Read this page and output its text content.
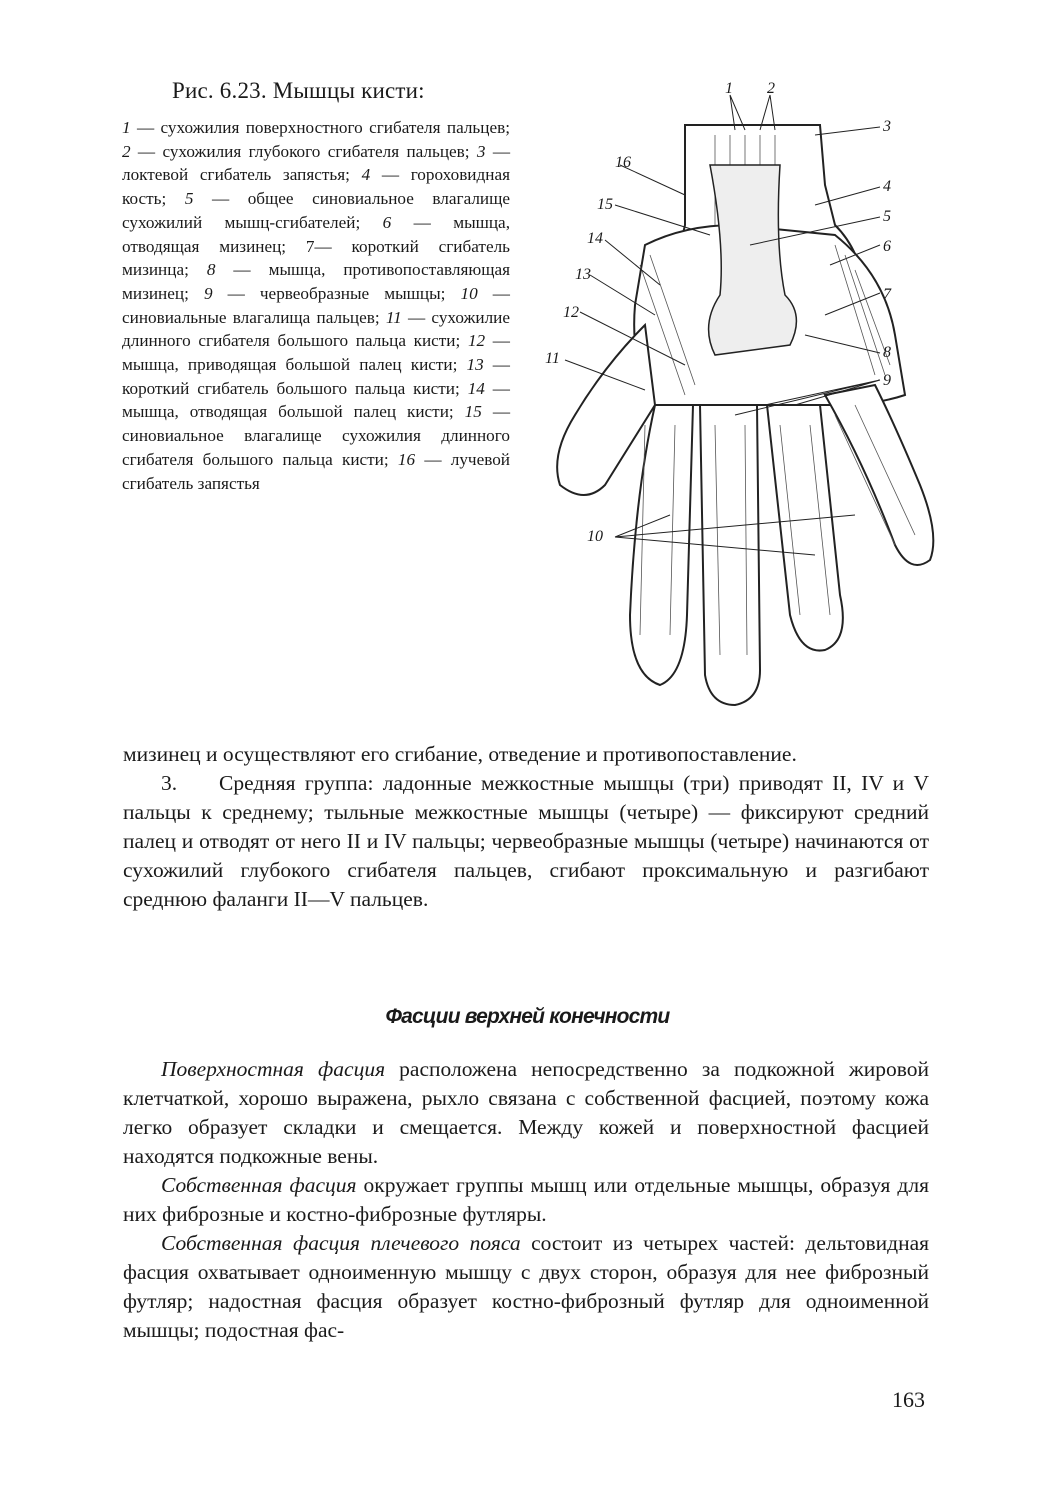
Рис. 6.23. Мышцы кисти:
1 — сухожилия поверхностного сгибателя пальцев; 2 — сухожилия глубокого сгибателя пальцев; 3 — локтевой сгибатель запястья; 4 — гороховидная кость; 5 — общее синовиальное влагалище сухожилий мышц-сгибателей; 6 — мышца, отводящая мизинец; 7— короткий сгибатель мизинца; 8 — мышца, противопоставляющая мизинец; 9 — червеобразные мышцы; 10 — синовиальные влагалища пальцев; 11 — сухожилие длинного сгибателя большого пальца кисти; 12 — мышца, приводящая большой палец кисти; 13 — короткий сгибатель большого пальца кисти; 14 — мышца, отводящая большой палец кисти; 15 — синовиальное влагалище сухожилия длинного сгибателя большого пальца кисти; 16 — лучевой сгибатель запястья
1 2
3
4
5
6
7
8
9
10
11
12
13
14
15
16

мизинец и осуществляют его сгибание, отведение и противопоставление.

3. Средняя группа: ладонные межкостные мышцы (три) приводят II, IV и V пальцы к среднему; тыльные межкостные мышцы (четыре) — фиксируют средний палец и отводят от него II и IV пальцы; червеобразные мышцы (четыре) начинаются от сухожилий глубокого сгибателя пальцев, сгибают проксимальную и разгибают среднюю фаланги II—V пальцев.

Фасции верхней конечности

Поверхностная фасция расположена непосредственно за подкожной жировой клетчаткой, хорошо выражена, рыхло связана с собственной фасцией, поэтому кожа легко образует складки и смещается. Между кожей и поверхностной фасцией находятся подкожные вены.

Собственная фасция окружает группы мышц или отдельные мышцы, образуя для них фиброзные и костно-фиброзные футляры.

Собственная фасция плечевого пояса состоит из четырех частей: дельтовидная фасция охватывает одноименную мышцу с двух сторон, образуя для нее фиброзный футляр; надостная фасция образует костно-фиброзный футляр для одноименной мышцы; подостная фас-

163
